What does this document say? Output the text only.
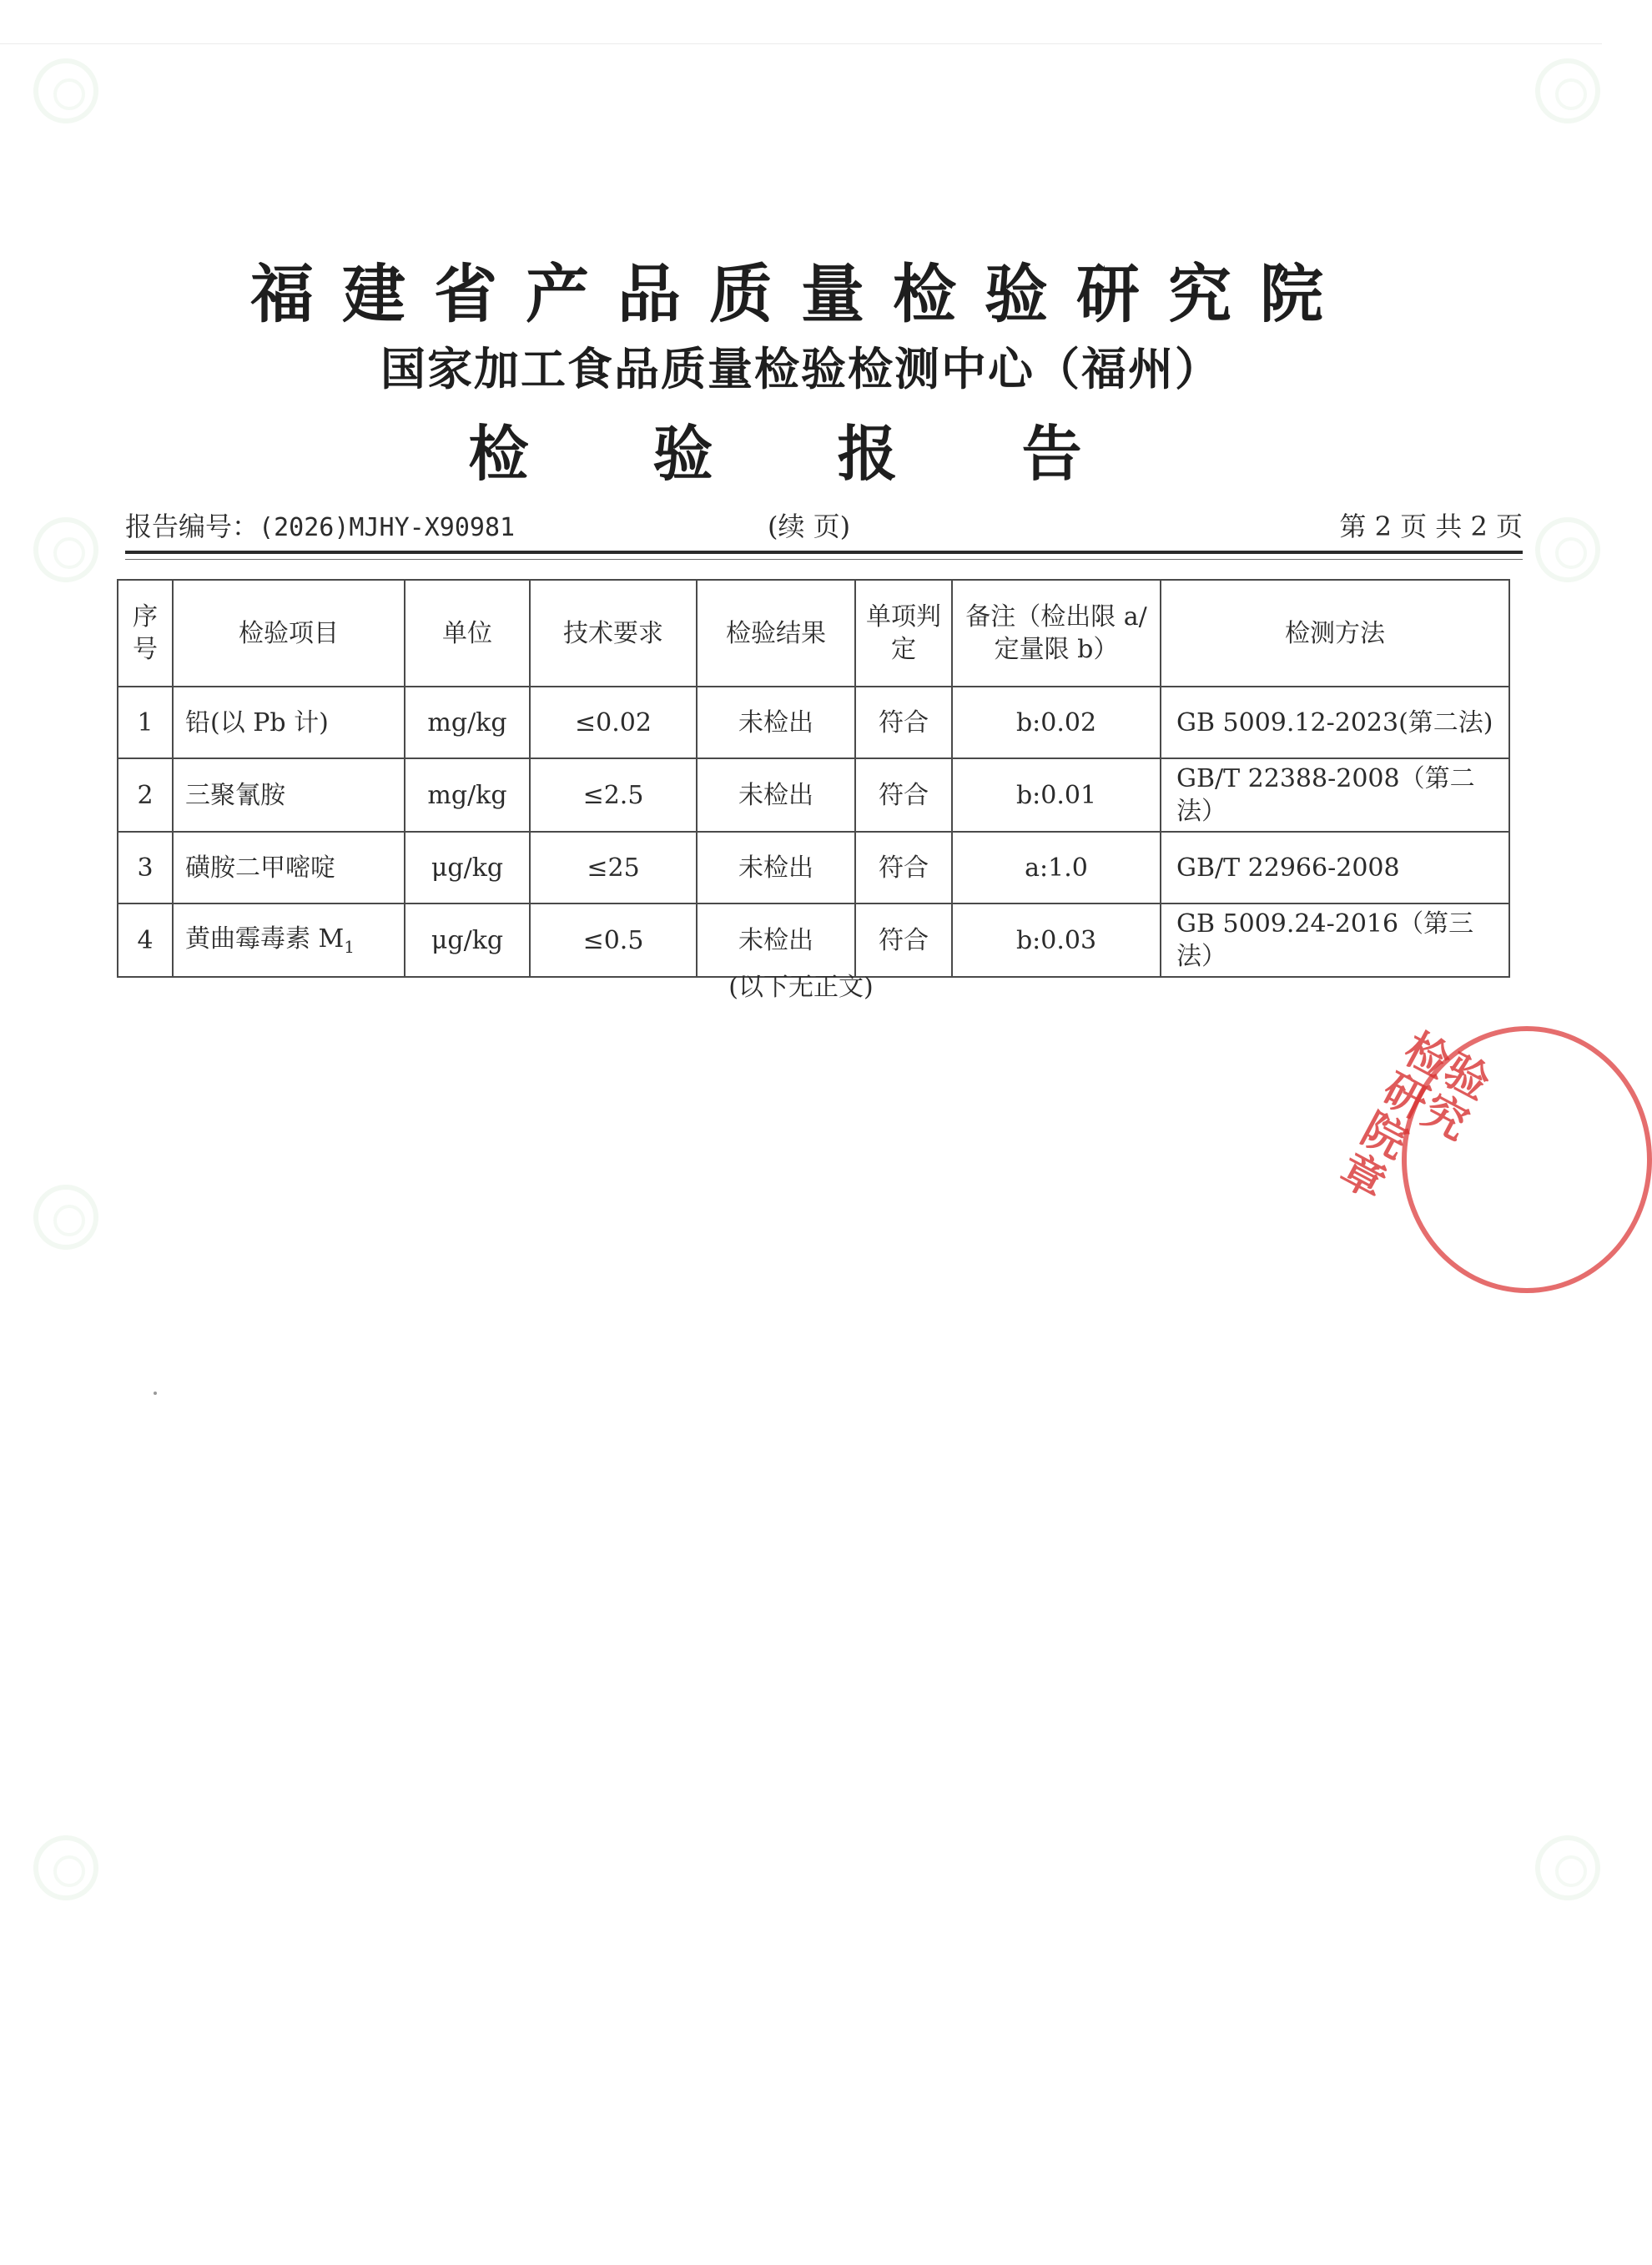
福建省产品质量检验研究院
国家加工食品质量检验检测中心（福州）
检 验 报 告
报告编号：(2026)MJHY-X90981	(续 页)	第 2 页 共 2 页
序号	检验项目	单位	技术要求	检验结果	单项判定	备注（检出限 a/定量限 b）	检测方法
1	铅(以 Pb 计)	mg/kg	≤0.02	未检出	符合	b:0.02	GB 5009.12-2023(第二法)
2	三聚氰胺	mg/kg	≤2.5	未检出	符合	b:0.01	GB/T 22388-2008（第二法）
3	磺胺二甲嘧啶	μg/kg	≤25	未检出	符合	a:1.0	GB/T 22966-2008
4	黄曲霉毒素 $M_1$	μg/kg	≤0.5	未检出	符合	b:0.03	GB 5009.24-2016（第三法）
(以下无正文)
检验研究院 章
